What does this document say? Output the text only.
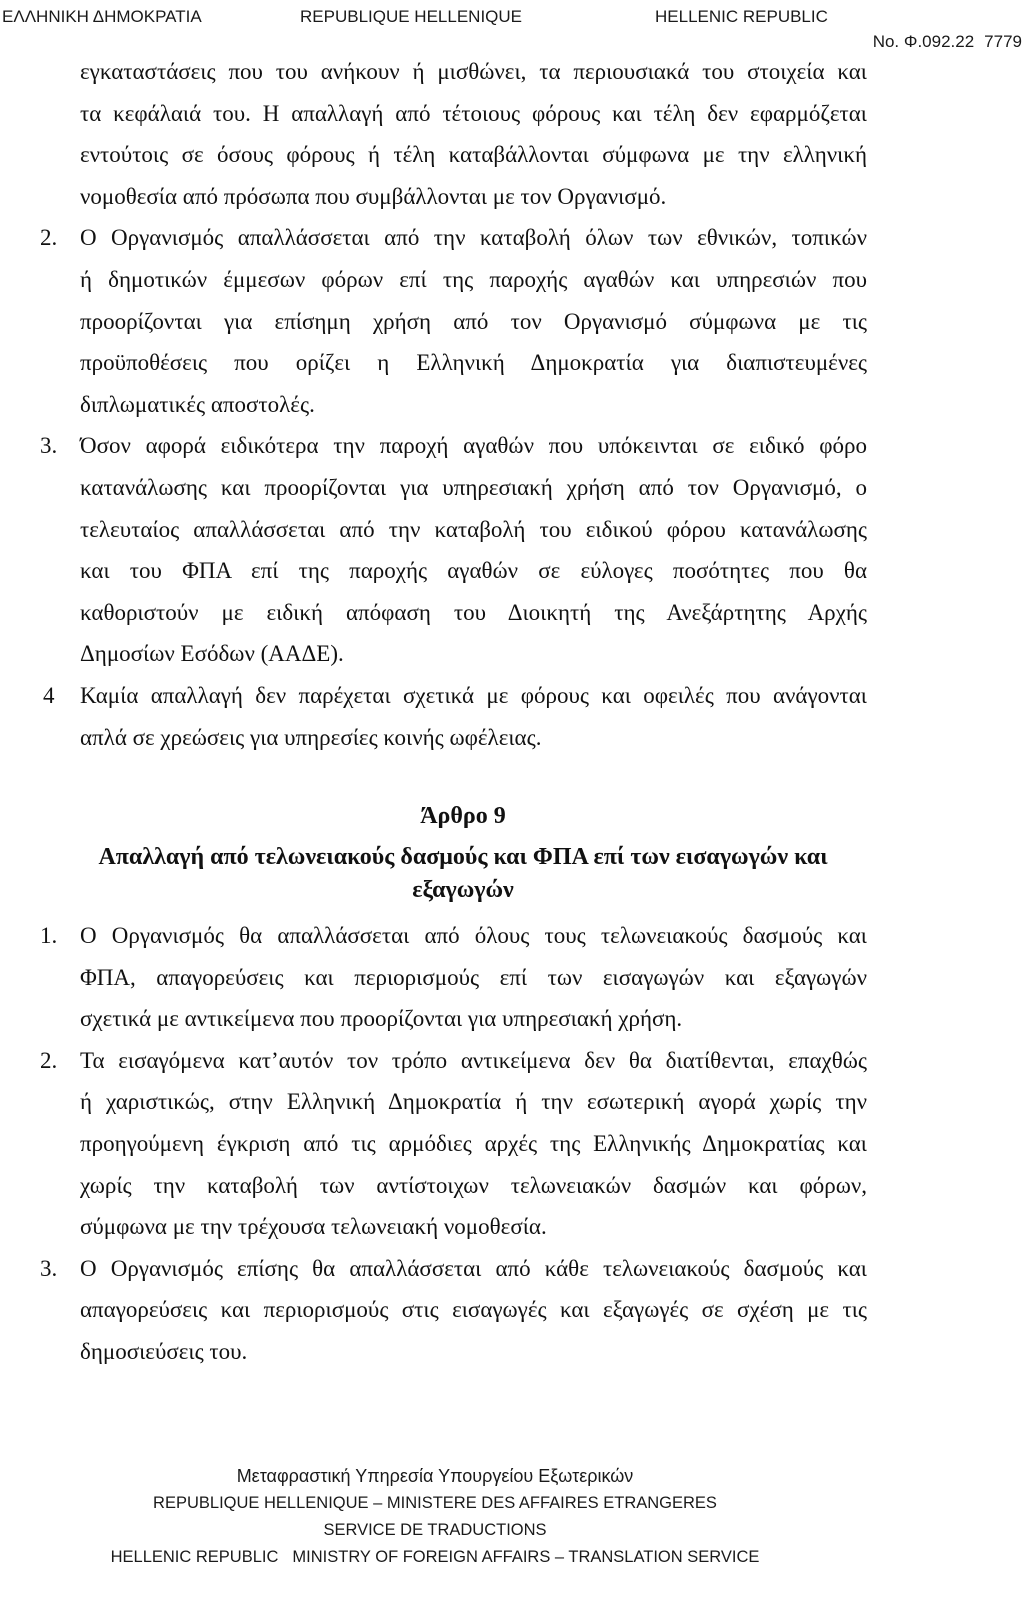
ΕΛΛΗΝΙΚΗ ΔΗΜΟΚΡΑΤΙΑ	REPUBLIQUE HELLENIQUE	HELLENIC REPUBLIC
No. Φ.092.22 7779
εγκαταστάσεις που του ανήκουν ή μισθώνει, τα περιουσιακά του στοιχεία και
τα κεφάλαιά του. Η απαλλαγή από τέτοιους φόρους και τέλη δεν εφαρμόζεται
εντούτοις σε όσους φόρους ή τέλη καταβάλλονται σύμφωνα με την ελληνική
νομοθεσία από πρόσωπα που συμβάλλονται με τον Οργανισμό.
2. Ο Οργανισμός απαλλάσσεται από την καταβολή όλων των εθνικών, τοπικών
ή δημοτικών έμμεσων φόρων επί της παροχής αγαθών και υπηρεσιών που
προορίζονται για επίσημη χρήση από τον Οργανισμό σύμφωνα με τις
προϋποθέσεις που ορίζει η Ελληνική Δημοκρατία για διαπιστευμένες
διπλωματικές αποστολές.
3. Όσον αφορά ειδικότερα την παροχή αγαθών που υπόκεινται σε ειδικό φόρο
κατανάλωσης και προορίζονται για υπηρεσιακή χρήση από τον Οργανισμό, ο
τελευταίος απαλλάσσεται από την καταβολή του ειδικού φόρου κατανάλωσης
και του ΦΠΑ επί της παροχής αγαθών σε εύλογες ποσότητες που θα
καθοριστούν με ειδική απόφαση του Διοικητή της Ανεξάρτητης Αρχής
Δημοσίων Εσόδων (ΑΑΔΕ).
4 Καμία απαλλαγή δεν παρέχεται σχετικά με φόρους και οφειλές που ανάγονται
απλά σε χρεώσεις για υπηρεσίες κοινής ωφέλειας.
Άρθρο 9
Απαλλαγή από τελωνειακούς δασμούς και ΦΠΑ επί των εισαγωγών και
εξαγωγών
1. Ο Οργανισμός θα απαλλάσσεται από όλους τους τελωνειακούς δασμούς και
ΦΠΑ, απαγορεύσεις και περιορισμούς επί των εισαγωγών και εξαγωγών
σχετικά με αντικείμενα που προορίζονται για υπηρεσιακή χρήση.
2. Τα εισαγόμενα κατ’αυτόν τον τρόπο αντικείμενα δεν θα διατίθενται, επαχθώς
ή χαριστικώς, στην Ελληνική Δημοκρατία ή την εσωτερική αγορά χωρίς την
προηγούμενη έγκριση από τις αρμόδιες αρχές της Ελληνικής Δημοκρατίας και
χωρίς την καταβολή των αντίστοιχων τελωνειακών δασμών και φόρων,
σύμφωνα με την τρέχουσα τελωνειακή νομοθεσία.
3. Ο Οργανισμός επίσης θα απαλλάσσεται από κάθε τελωνειακούς δασμούς και
απαγορεύσεις και περιορισμούς στις εισαγωγές και εξαγωγές σε σχέση με τις
δημοσιεύσεις του.
Μεταφραστική Υπηρεσία Υπουργείου Εξωτερικών
REPUBLIQUE HELLENIQUE – MINISTERE DES AFFAIRES ETRANGERES
SERVICE DE TRADUCTIONS
HELLENIC REPUBLIC MINISTRY OF FOREIGN AFFAIRS – TRANSLATION SERVICE
